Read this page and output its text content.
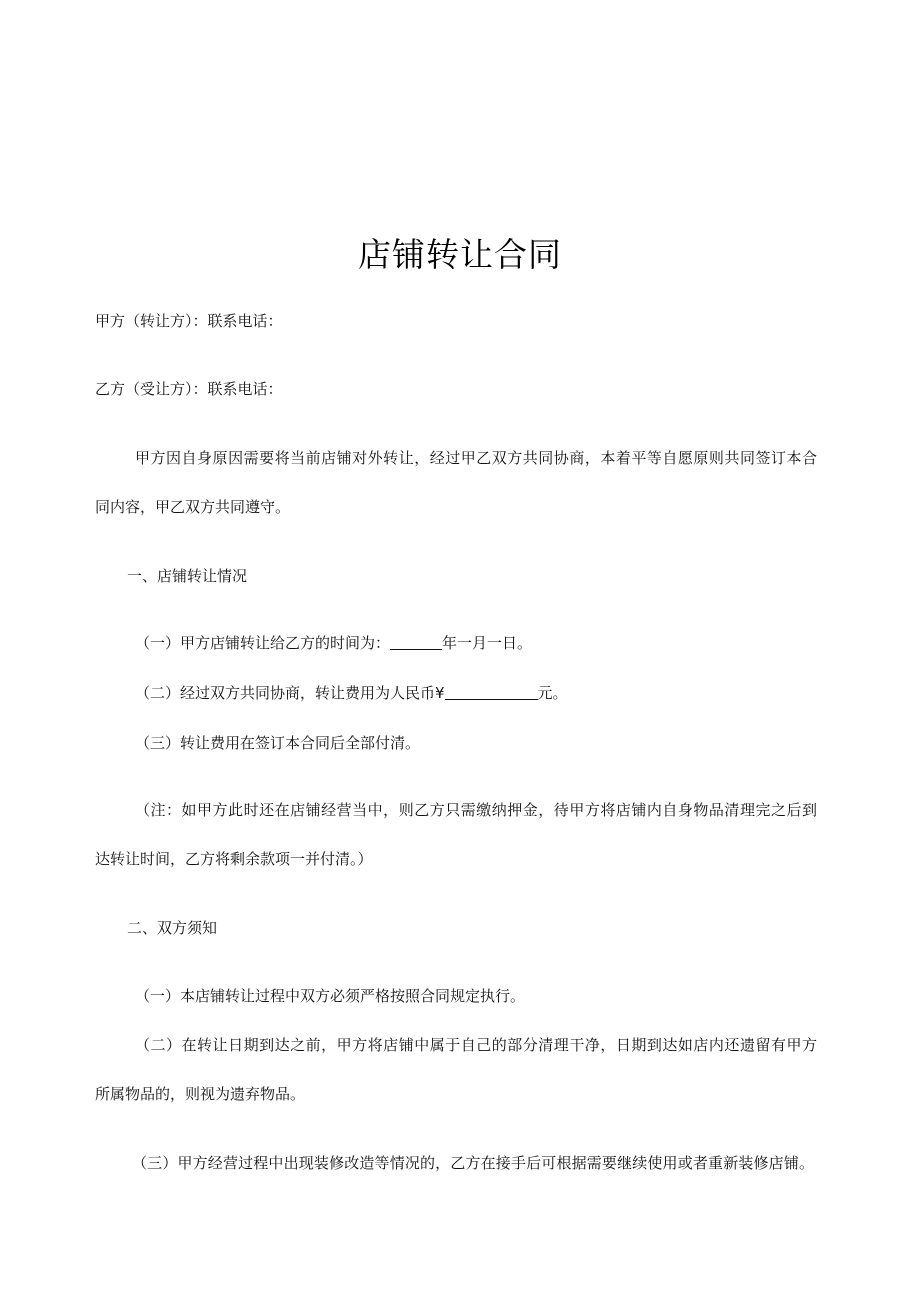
店铺转让合同
甲方（转让方）：联系电话：
乙方（受让方）：联系电话：
甲方因自身原因需要将当前店铺对外转让，经过甲乙双方共同协商，本着平等自愿原则共同签订本合
同内容，甲乙双方共同遵守。
一、店铺转让情况
（一）甲方店铺转让给乙方的时间为：	年一月一日。
（二）经过双方共同协商，转让费用为人民币¥	元。
（三）转让费用在签订本合同后全部付清。
（注：如甲方此时还在店铺经营当中，则乙方只需缴纳押金，待甲方将店铺内自身物品清理完之后到
达转让时间，乙方将剩余款项一并付清。）
二、双方须知
（一）本店铺转让过程中双方必须严格按照合同规定执行。
（二）在转让日期到达之前，甲方将店铺中属于自己的部分清理干净，日期到达如店内还遗留有甲方
所属物品的，则视为遗弃物品。
（三）甲方经营过程中出现装修改造等情况的，乙方在接手后可根据需要继续使用或者重新装修店铺。
